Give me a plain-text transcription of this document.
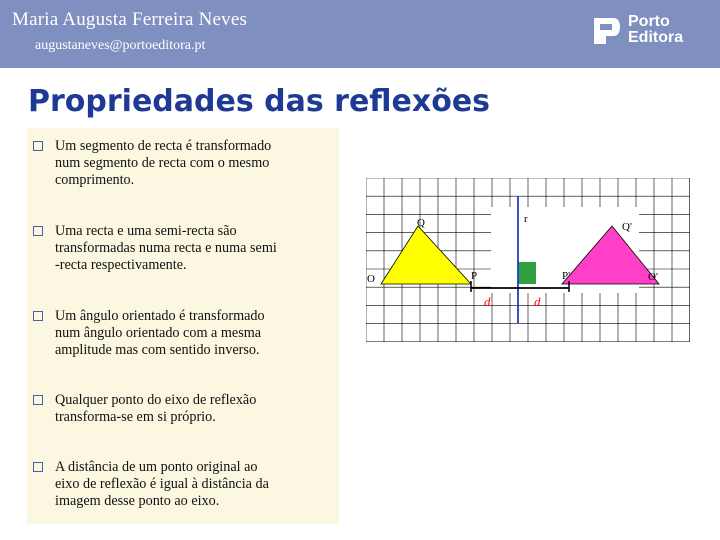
Maria Augusta Ferreira Neves
augustaneves@portoeditora.pt
Porto
Editora
Propriedades das reflexões
Um segmento de recta é transformado
num segmento de recta com o mesmo
comprimento.
Uma recta e uma semi-recta são
transformadas numa recta e numa semi
-recta respectivamente.
Um ângulo orientado é transformado
num ângulo orientado com a mesma
amplitude mas com sentido inverso.
Qualquer ponto do eixo de reflexão
transforma-se em si próprio.
A distância de um ponto original ao
eixo de reflexão é igual à distância da
imagem desse ponto ao eixo.
r
Q	Q'
O	O'
P	P'
d	d
